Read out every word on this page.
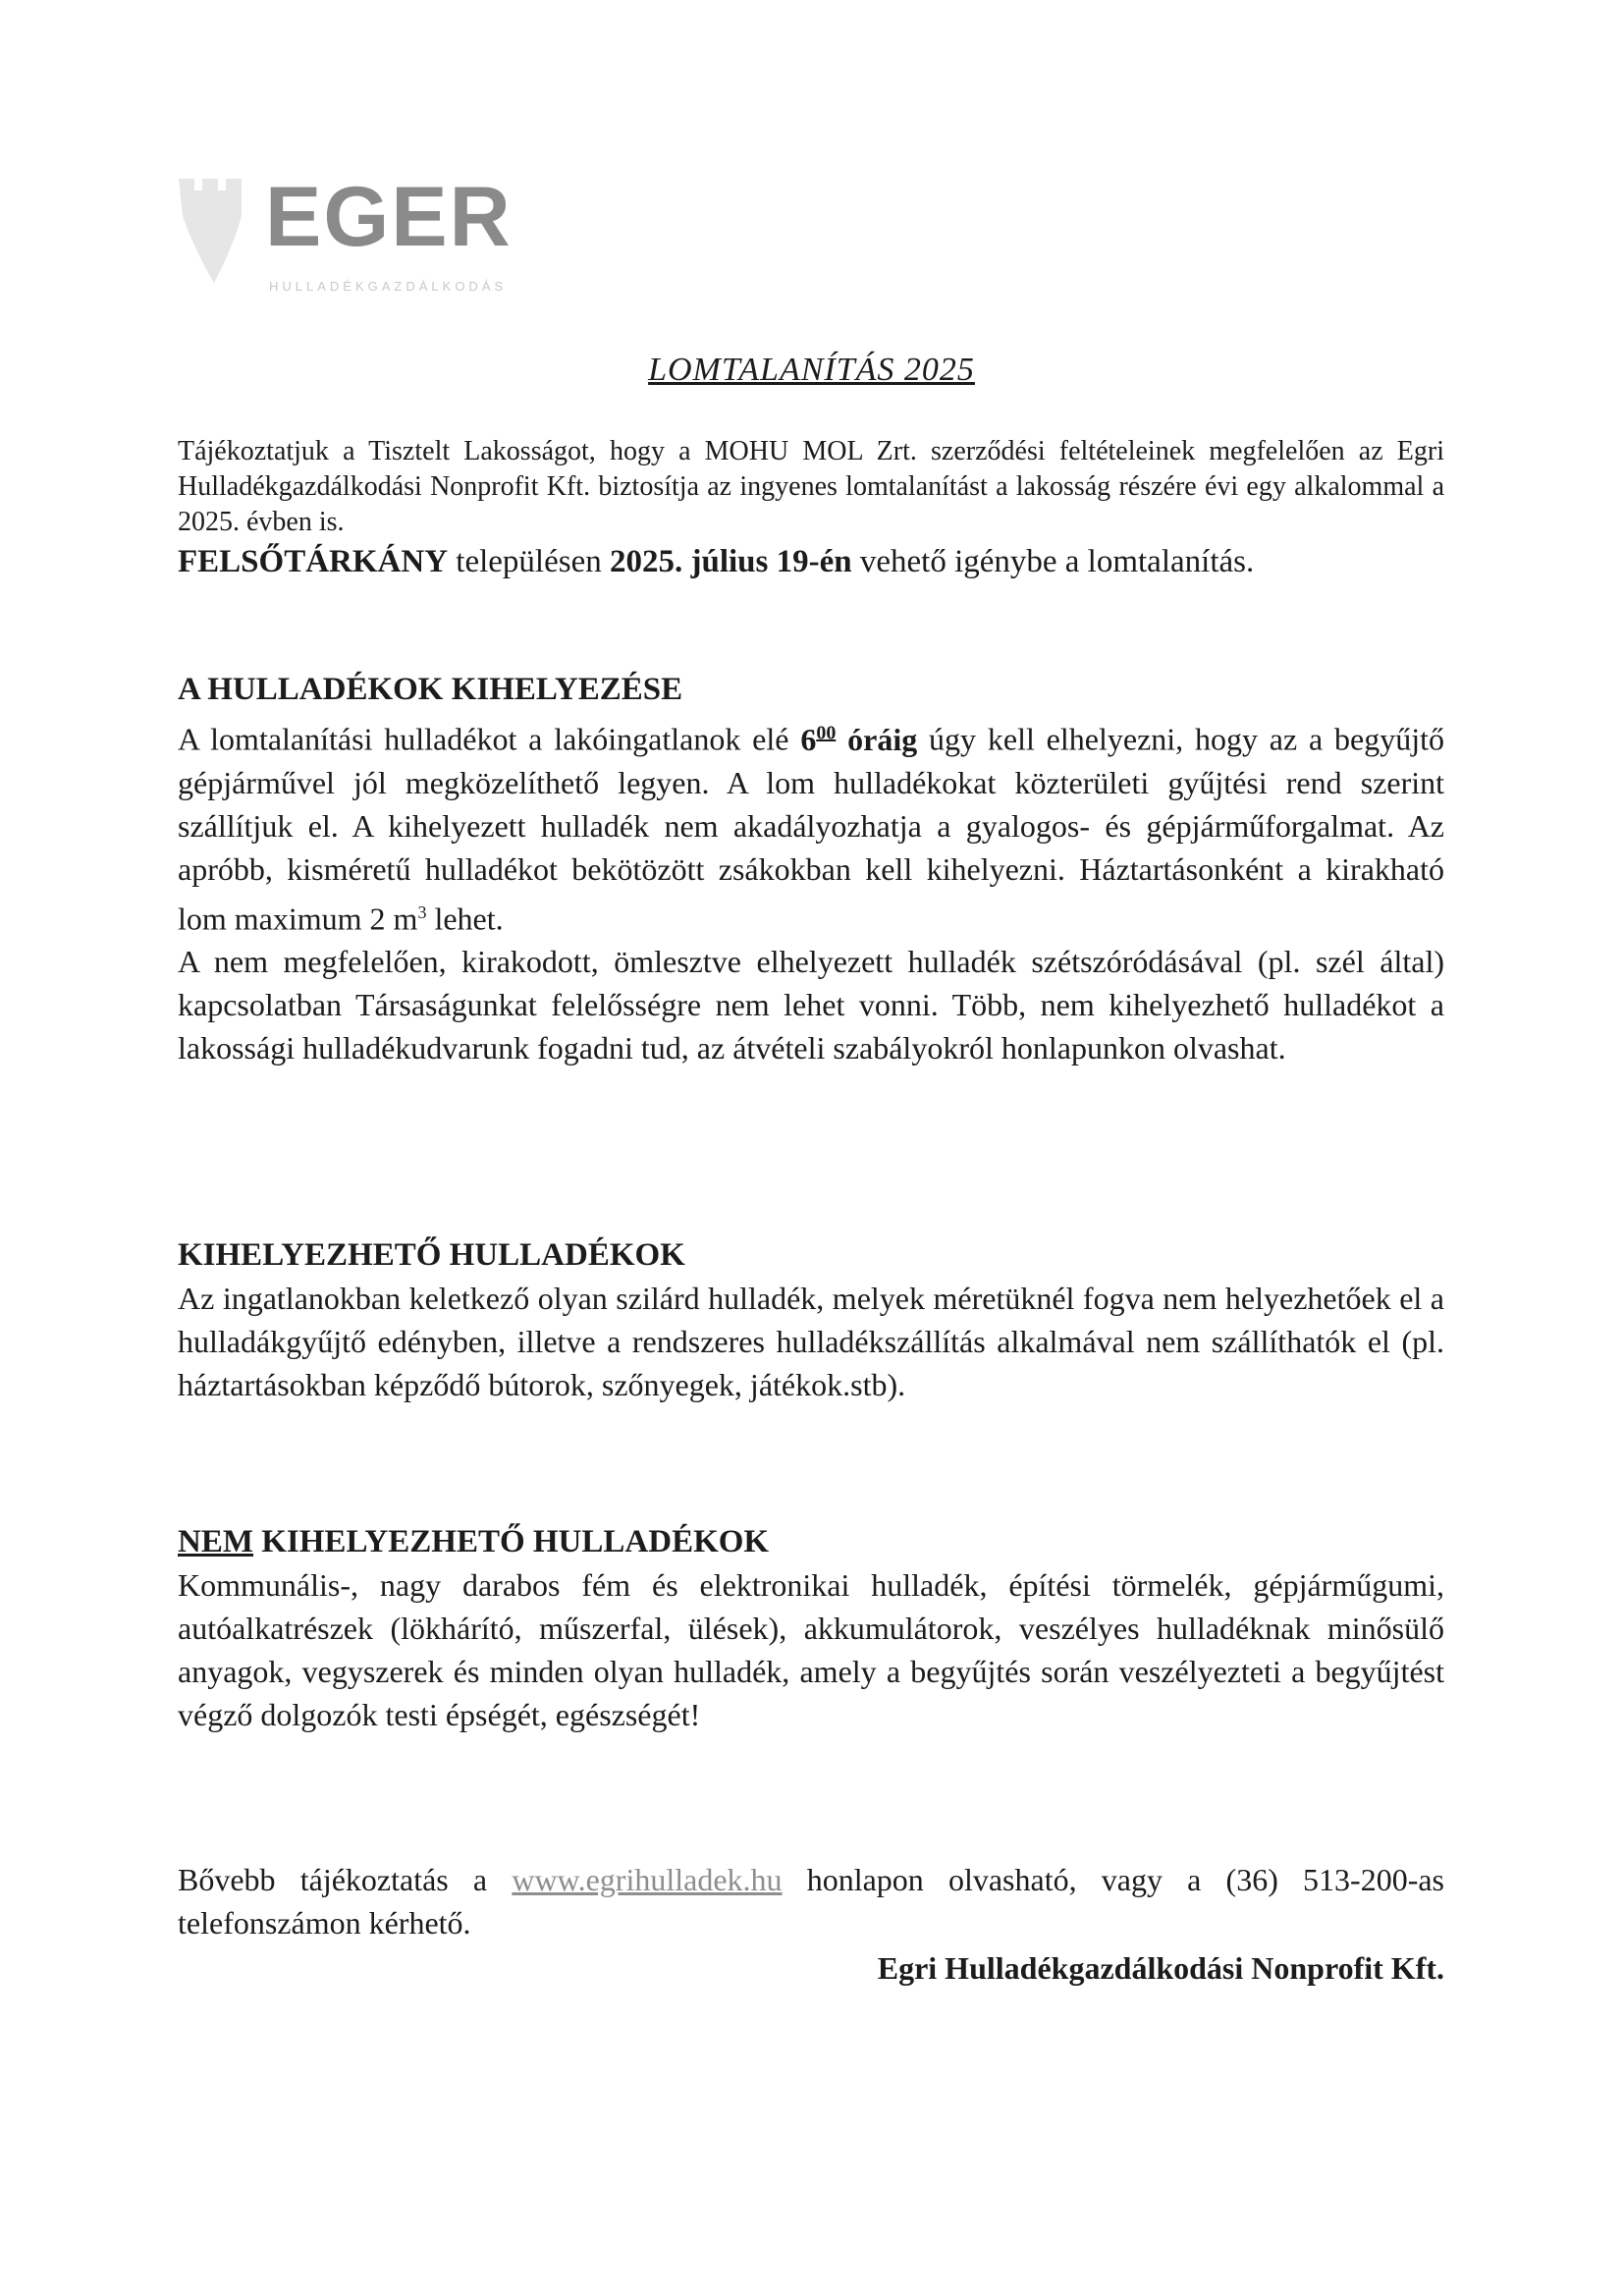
EGER
HULLADÉKGAZDÁLKODÁS
LOMTALANÍTÁS 2025

Tájékoztatjuk a Tisztelt Lakosságot, hogy a MOHU MOL Zrt. szerződési feltételeinek megfelelően az Egri Hulladékgazdálkodási Nonprofit Kft. biztosítja az ingyenes lomtalanítást a lakosság részére évi egy alkalommal a 2025. évben is.

FELSŐTÁRKÁNY településen 2025. július 19-én vehető igénybe a lomtalanítás.

A HULLADÉKOK KIHELYEZÉSE

A lomtalanítási hulladékot a lakóingatlanok elé $6^{00}$ óráig úgy kell elhelyezni, hogy az a begyűjtő gépjárművel jól megközelíthető legyen. A lom hulladékokat közterületi gyűjtési rend szerint szállítjuk el. A kihelyezett hulladék nem akadályozhatja a gyalogos- és gépjárműforgalmat. Az apróbb, kisméretű hulladékot bekötözött zsákokban kell kihelyezni. Háztartásonként a kirakható lom maximum 2 $m^3$ lehet.

A nem megfelelően, kirakodott, ömlesztve elhelyezett hulladék szétszóródásával (pl. szél által) kapcsolatban Társaságunkat felelősségre nem lehet vonni. Több, nem kihelyezhető hulladékot a lakossági hulladékudvarunk fogadni tud, az átvételi szabályokról honlapunkon olvashat.

KIHELYEZHETŐ HULLADÉKOK
Az ingatlanokban keletkező olyan szilárd hulladék, melyek méretüknél fogva nem helyezhetőek el a hulladákgyűjtő edényben, illetve a rendszeres hulladékszállítás alkalmával nem szállíthatók el (pl. háztartásokban képződő bútorok, szőnyegek, játékok.stb).
NEM KIHELYEZHETŐ HULLADÉKOK
Kommunális-, nagy darabos fém és elektronikai hulladék, építési törmelék, gépjárműgumi, autóalkatrészek (lökhárító, műszerfal, ülések), akkumulátorok, veszélyes hulladéknak minősülő anyagok, vegyszerek és minden olyan hulladék, amely a begyűjtés során veszélyezteti a begyűjtést végző dolgozók testi épségét, egészségét!
Bővebb tájékoztatás a www.egrihulladek.hu honlapon olvasható, vagy a (36) 513-200-as telefonszámon kérhető.
Egri Hulladékgazdálkodási Nonprofit Kft.
